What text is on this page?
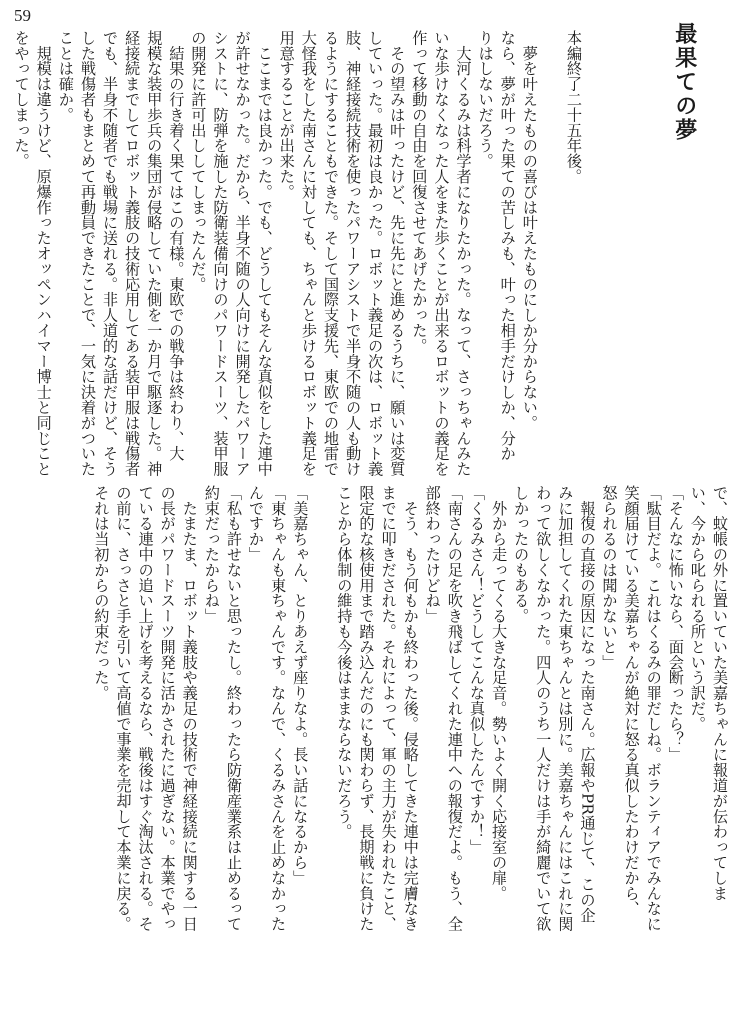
59
最果ての夢
本編終了二十五年後。
　夢を叶えたものの喜びは叶えたものにしか分からない。
なら、夢が叶った果ての苦しみも、叶った相手だけしか、分か
りはしないだろう。
　大河くるみは科学者になりたかった。なって、さっちゃんみた
いな歩けなくなった人をまた歩くことが出来るロボットの義足を
作って移動の自由を回復させてあげたかった。
　その望みは叶ったけど、先に先にと進めるうちに、願いは変質
していった。最初は良かった。ロボット義足の次は、ロボット義
肢、神経接続技術を使ったパワーアシストで半身不随の人も動け
るようにすることもできた。そして国際支援先、東欧での地雷で
大怪我をした南さんに対しても、ちゃんと歩けるロボット義足を
用意することが出来た。
　ここまでは良かった。でも、どうしてもそんな真似をした連中
が許せなかった。だから、半身不随の人向けに開発したパワーア
シストに、防弾を施した防衛装備向けのパワードスーツ、装甲服
の開発に許可出ししてしまったんだ。
　結果の行き着く果てはこの有様。東欧での戦争は終わり、大
規模な装甲歩兵の集団が侵略していた側を一か月で駆逐した。神
経接続までしてロボット義肢の技術応用してある装甲服は戦傷者
でも、半身不随者でも戦場に送れる。非人道的な話だけど、そう
した戦傷者もまとめて再動員できたことで、一気に決着がついた
ことは確か。
　規模は違うけど、原爆作ったオッペンハイマー博士と同じこと
をやってしまった。
で、蚊帳の外に置いていた美嘉ちゃんに報道が伝わってしま
い、今から叱られる所という訳だ。
「そんなに怖いなら、面会断ったら？」
「駄目だよ。これはくるみの罪だしね。ボランティアでみんなに
笑顔届けている美嘉ちゃんが絶対に怒る真似したわけだから、
怒られるのは聞かないと」
　報復の直接の原因になった南さん。広報やPR通じて、この企
みに加担してくれた東ちゃんとは別に。美嘉ちゃんにはこれに関
わって欲しくなかった。四人のうち一人だけは手が綺麗でいて欲
しかったのもある。
　外から走ってくる大きな足音。勢いよく開く応接室の扉。
「くるみさん！どうしてこんな真似したんですか！」
「南さんの足を吹き飛ばしてくれた連中への報復だよ。もう、全
部終わったけどね」
　そう、もう何もかも終わった後。侵略してきた連中は完膚なき
までに叩きだされた。それによって、軍の主力が失われたこと、
限定的な核使用まで踏み込んだのにも関わらず、長期戦に負けた
ことから体制の維持も今後はままならないだろう。
「美嘉ちゃん、とりあえず座りなよ。長い話になるから」
「東ちゃんも東ちゃんです。なんで、くるみさんを止めなかった
んですか」
「私も許せないと思ったし。終わったら防衛産業系は止めるって
約束だったからね」
　たまたま、ロボット義肢や義足の技術で神経接続に関する一日
の長がパワードスーツ開発に活かされたに過ぎない。本業でやっ
ている連中の追い上げを考えるなら、戦後はすぐ淘汰される。そ
の前に、さっさと手を引いて高値で事業を売却して本業に戻る。
それは当初からの約束だった。
